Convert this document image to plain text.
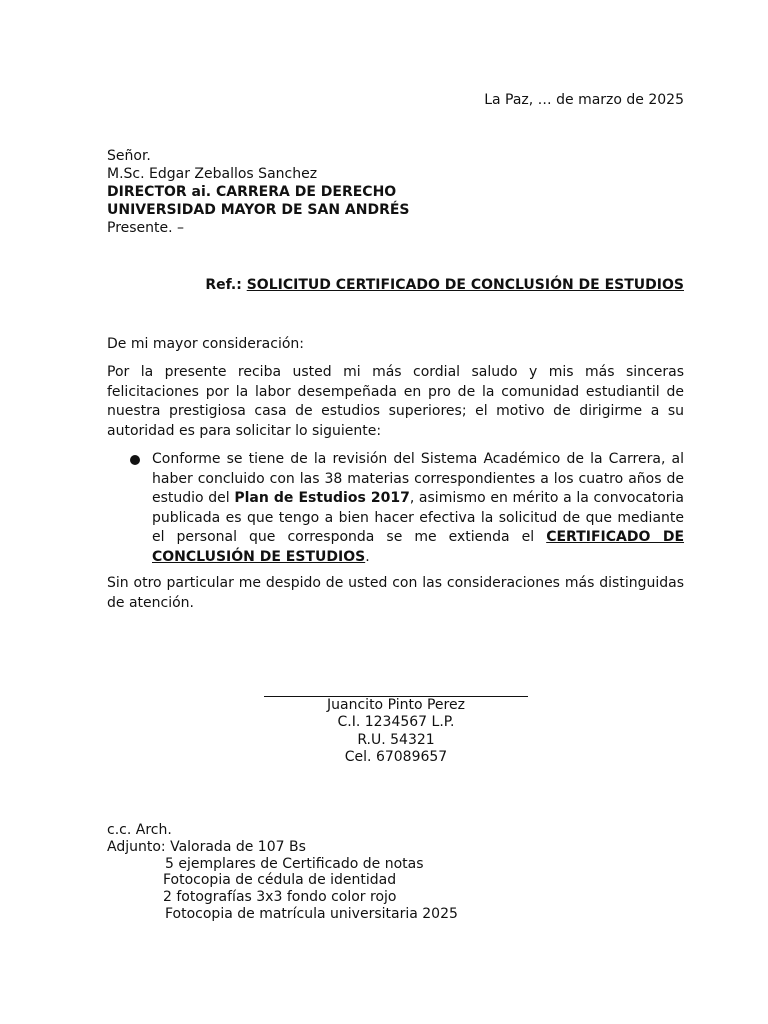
La Paz, … de marzo de 2025
Señor.
M.Sc. Edgar Zeballos Sanchez
DIRECTOR ai. CARRERA DE DERECHO
UNIVERSIDAD MAYOR DE SAN ANDRÉS
Presente. –
Ref.: SOLICITUD CERTIFICADO DE CONCLUSIÓN DE ESTUDIOS
De mi mayor consideración:
Por la presente reciba usted mi más cordial saludo y mis más sinceras felicitaciones por la labor desempeñada en pro de la comunidad estudiantil de nuestra prestigiosa casa de estudios superiores; el motivo de dirigirme a su autoridad es para solicitar lo siguiente:
Conforme se tiene de la revisión del Sistema Académico de la Carrera, al haber concluido con las 38 materias correspondientes a los cuatro años de estudio del Plan de Estudios 2017, asimismo en mérito a la convocatoria publicada es que tengo a bien hacer efectiva la solicitud de que mediante el personal que corresponda se me extienda el CERTIFICADO DE CONCLUSIÓN DE ESTUDIOS.
Sin otro particular me despido de usted con las consideraciones más distinguidas de atención.
Juancito Pinto Perez
C.I. 1234567 L.P.
R.U. 54321
Cel. 67089657
c.c. Arch.
Adjunto: Valorada de 107 Bs
5 ejemplares de Certificado de notas
Fotocopia de cédula de identidad
2 fotografías 3x3 fondo color rojo
Fotocopia de matrícula universitaria 2025
